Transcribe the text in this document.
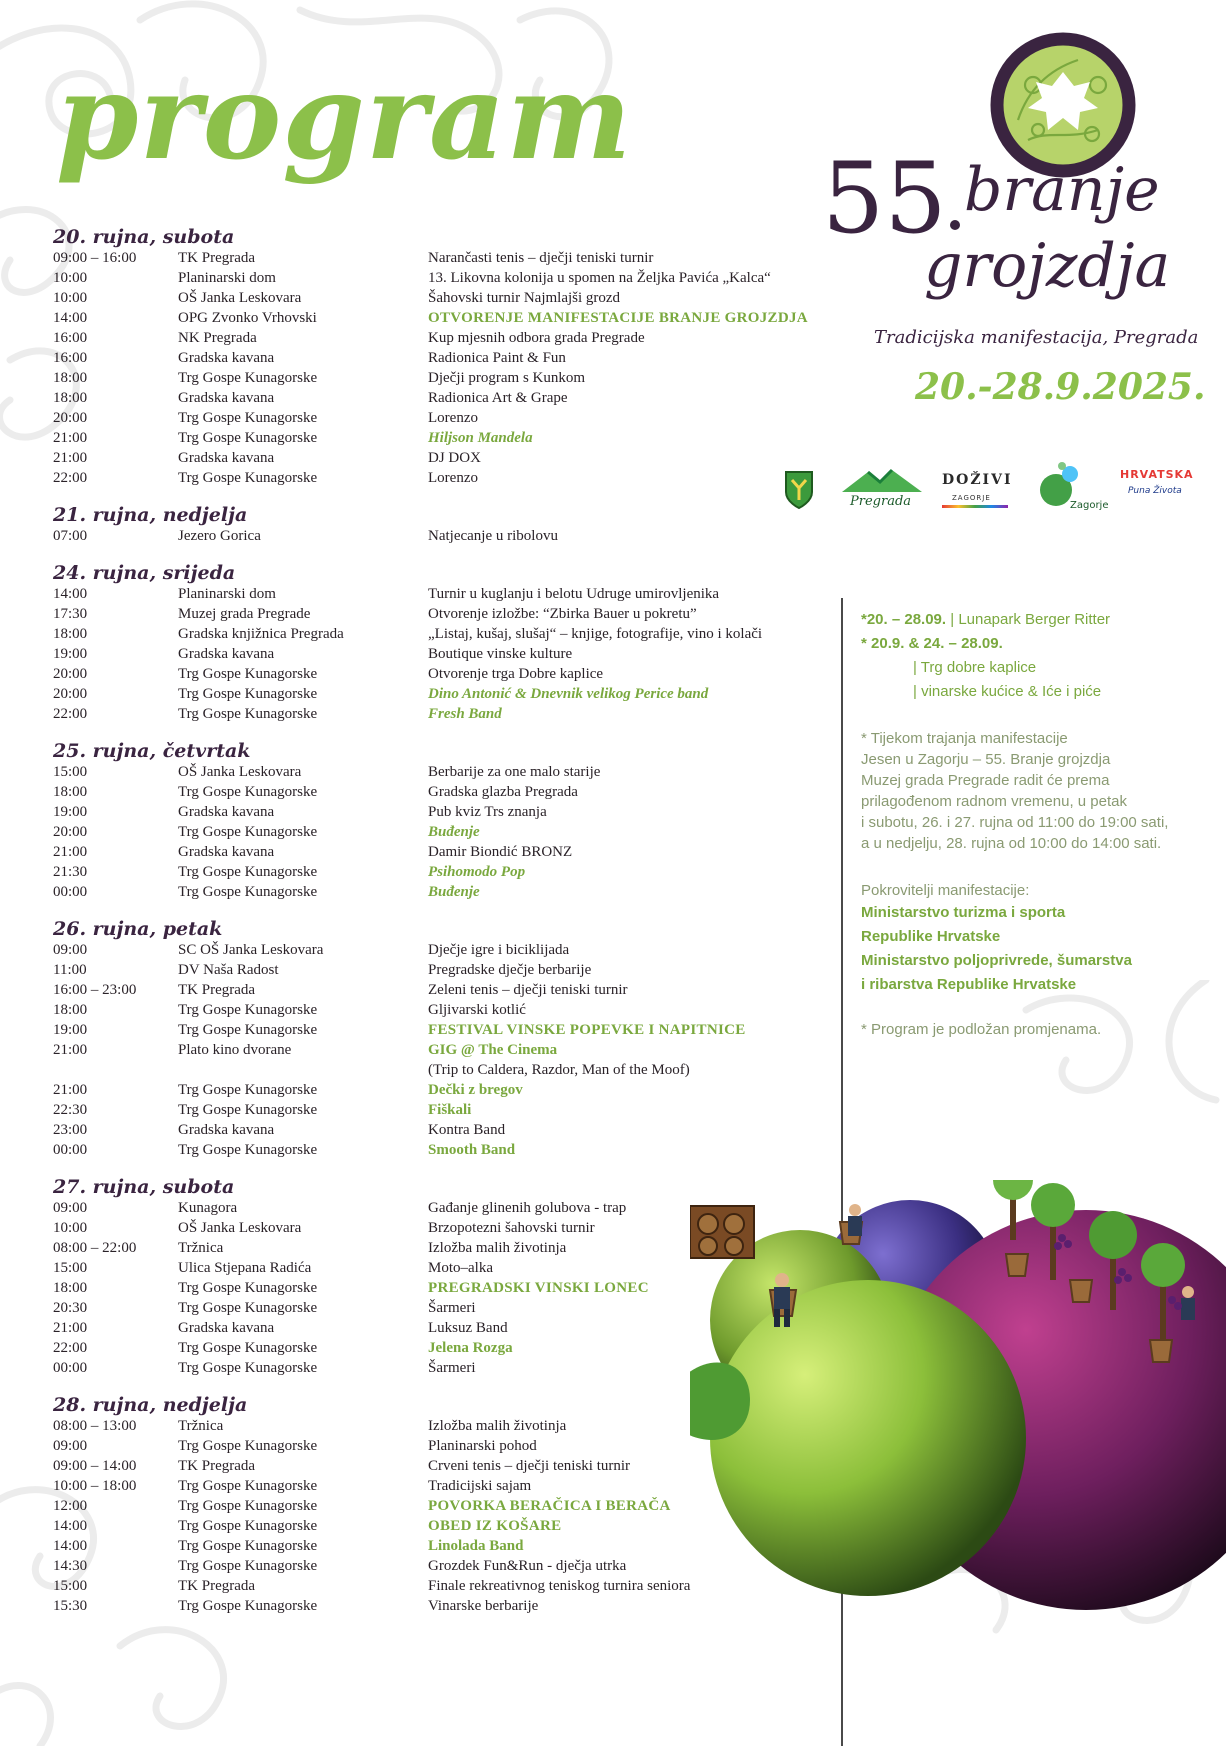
program
55 branje
grojzdja
Tradicijska manifestacija, Pregrada
20.-28.9.2025.
Pregrada
DOŽIVI
ZAGORJE
Zagorje
HRVATSKA
Puna Života
20. rujna, subota
09:00 – 16:00	TK Pregrada	Narančasti tenis – dječji teniski turnir
10:00	Planinarski dom	13. Likovna kolonija u spomen na Željka Pavića „Kalca“
10:00	OŠ Janka Leskovara	Šahovski turnir Najmlajši grozd
14:00	OPG Zvonko Vrhovski	OTVORENJE MANIFESTACIJE BRANJE GROJZDJA
16:00	NK Pregrada	Kup mjesnih odbora grada Pregrade
16:00	Gradska kavana	Radionica Paint & Fun
18:00	Trg Gospe Kunagorske	Dječji program s Kunkom
18:00	Gradska kavana	Radionica Art & Grape
20:00	Trg Gospe Kunagorske	Lorenzo
21:00	Trg Gospe Kunagorske	Hiljson Mandela
21:00	Gradska kavana	DJ DOX
22:00	Trg Gospe Kunagorske	Lorenzo
21. rujna, nedjelja
07:00	Jezero Gorica	Natjecanje u ribolovu
24. rujna, srijeda
14:00	Planinarski dom	Turnir u kuglanju i belotu Udruge umirovljenika
17:30	Muzej grada Pregrade	Otvorenje izložbe: “Zbirka Bauer u pokretu”
18:00	Gradska knjižnica Pregrada	„Listaj, kušaj, slušaj“ – knjige, fotografije, vino i kolači
19:00	Gradska kavana	Boutique vinske kulture
20:00	Trg Gospe Kunagorske	Otvorenje trga Dobre kaplice
20:00	Trg Gospe Kunagorske	Dino Antonić & Dnevnik velikog Perice band
22:00	Trg Gospe Kunagorske	Fresh Band
25. rujna, četvrtak
15:00	OŠ Janka Leskovara	Berbarije za one malo starije
18:00	Trg Gospe Kunagorske	Gradska glazba Pregrada
19:00	Gradska kavana	Pub kviz Trs znanja
20:00	Trg Gospe Kunagorske	Buđenje
21:00	Gradska kavana	Damir Biondić BRONZ
21:30	Trg Gospe Kunagorske	Psihomodo Pop
00:00	Trg Gospe Kunagorske	Buđenje
26. rujna, petak
09:00	SC OŠ Janka Leskovara	Dječje igre i biciklijada
11:00	DV Naša Radost	Pregradske dječje berbarije
16:00 – 23:00	TK Pregrada	Zeleni tenis – dječji teniski turnir
18:00	Trg Gospe Kunagorske	Gljivarski kotlić
19:00	Trg Gospe Kunagorske	FESTIVAL VINSKE POPEVKE I NAPITNICE
21:00	Plato kino dvorane	GIG @ The Cinema
(Trip to Caldera, Razdor, Man of the Moof)
21:00	Trg Gospe Kunagorske	Dečki z bregov
22:30	Trg Gospe Kunagorske	Fiškali
23:00	Gradska kavana	Kontra Band
00:00	Trg Gospe Kunagorske	Smooth Band
27. rujna, subota
09:00	Kunagora	Gađanje glinenih golubova - trap
10:00	OŠ Janka Leskovara	Brzopotezni šahovski turnir
08:00 – 22:00	Tržnica	Izložba malih životinja
15:00	Ulica Stjepana Radića	Moto–alka
18:00	Trg Gospe Kunagorske	PREGRADSKI VINSKI LONEC
20:30	Trg Gospe Kunagorske	Šarmeri
21:00	Gradska kavana	Luksuz Band
22:00	Trg Gospe Kunagorske	Jelena Rozga
00:00	Trg Gospe Kunagorske	Šarmeri
28. rujna, nedjelja
08:00 – 13:00	Tržnica	Izložba malih životinja
09:00	Trg Gospe Kunagorske	Planinarski pohod
09:00 – 14:00	TK Pregrada	Crveni tenis – dječji teniski turnir
10:00 – 18:00	Trg Gospe Kunagorske	Tradicijski sajam
12:00	Trg Gospe Kunagorske	POVORKA BERAČICA I BERAČA
14:00	Trg Gospe Kunagorske	OBED IZ KOŠARE
14:00	Trg Gospe Kunagorske	Linolada Band
14:30	Trg Gospe Kunagorske	Grozdek Fun&Run - dječja utrka
15:00	TK Pregrada	Finale rekreativnog teniskog turnira seniora
15:30	Trg Gospe Kunagorske	Vinarske berbarije
*20. – 28.09. | Lunapark Berger Ritter
* 20.9. & 24. – 28.09.
| Trg dobre kaplice
| vinarske kućice & Iće i piće
* Tijekom trajanja manifestacije
Jesen u Zagorju – 55. Branje grojzdja
Muzej grada Pregrade radit će prema
prilagođenom radnom vremenu, u petak
i subotu, 26. i 27. rujna od 11:00 do 19:00 sati,
a u nedjelju, 28. rujna od 10:00 do 14:00 sati.
Pokrovitelji manifestacije:
Ministarstvo turizma i sporta
Republike Hrvatske
Ministarstvo poljoprivrede, šumarstva
i ribarstva Republike Hrvatske
* Program je podložan promjenama.
